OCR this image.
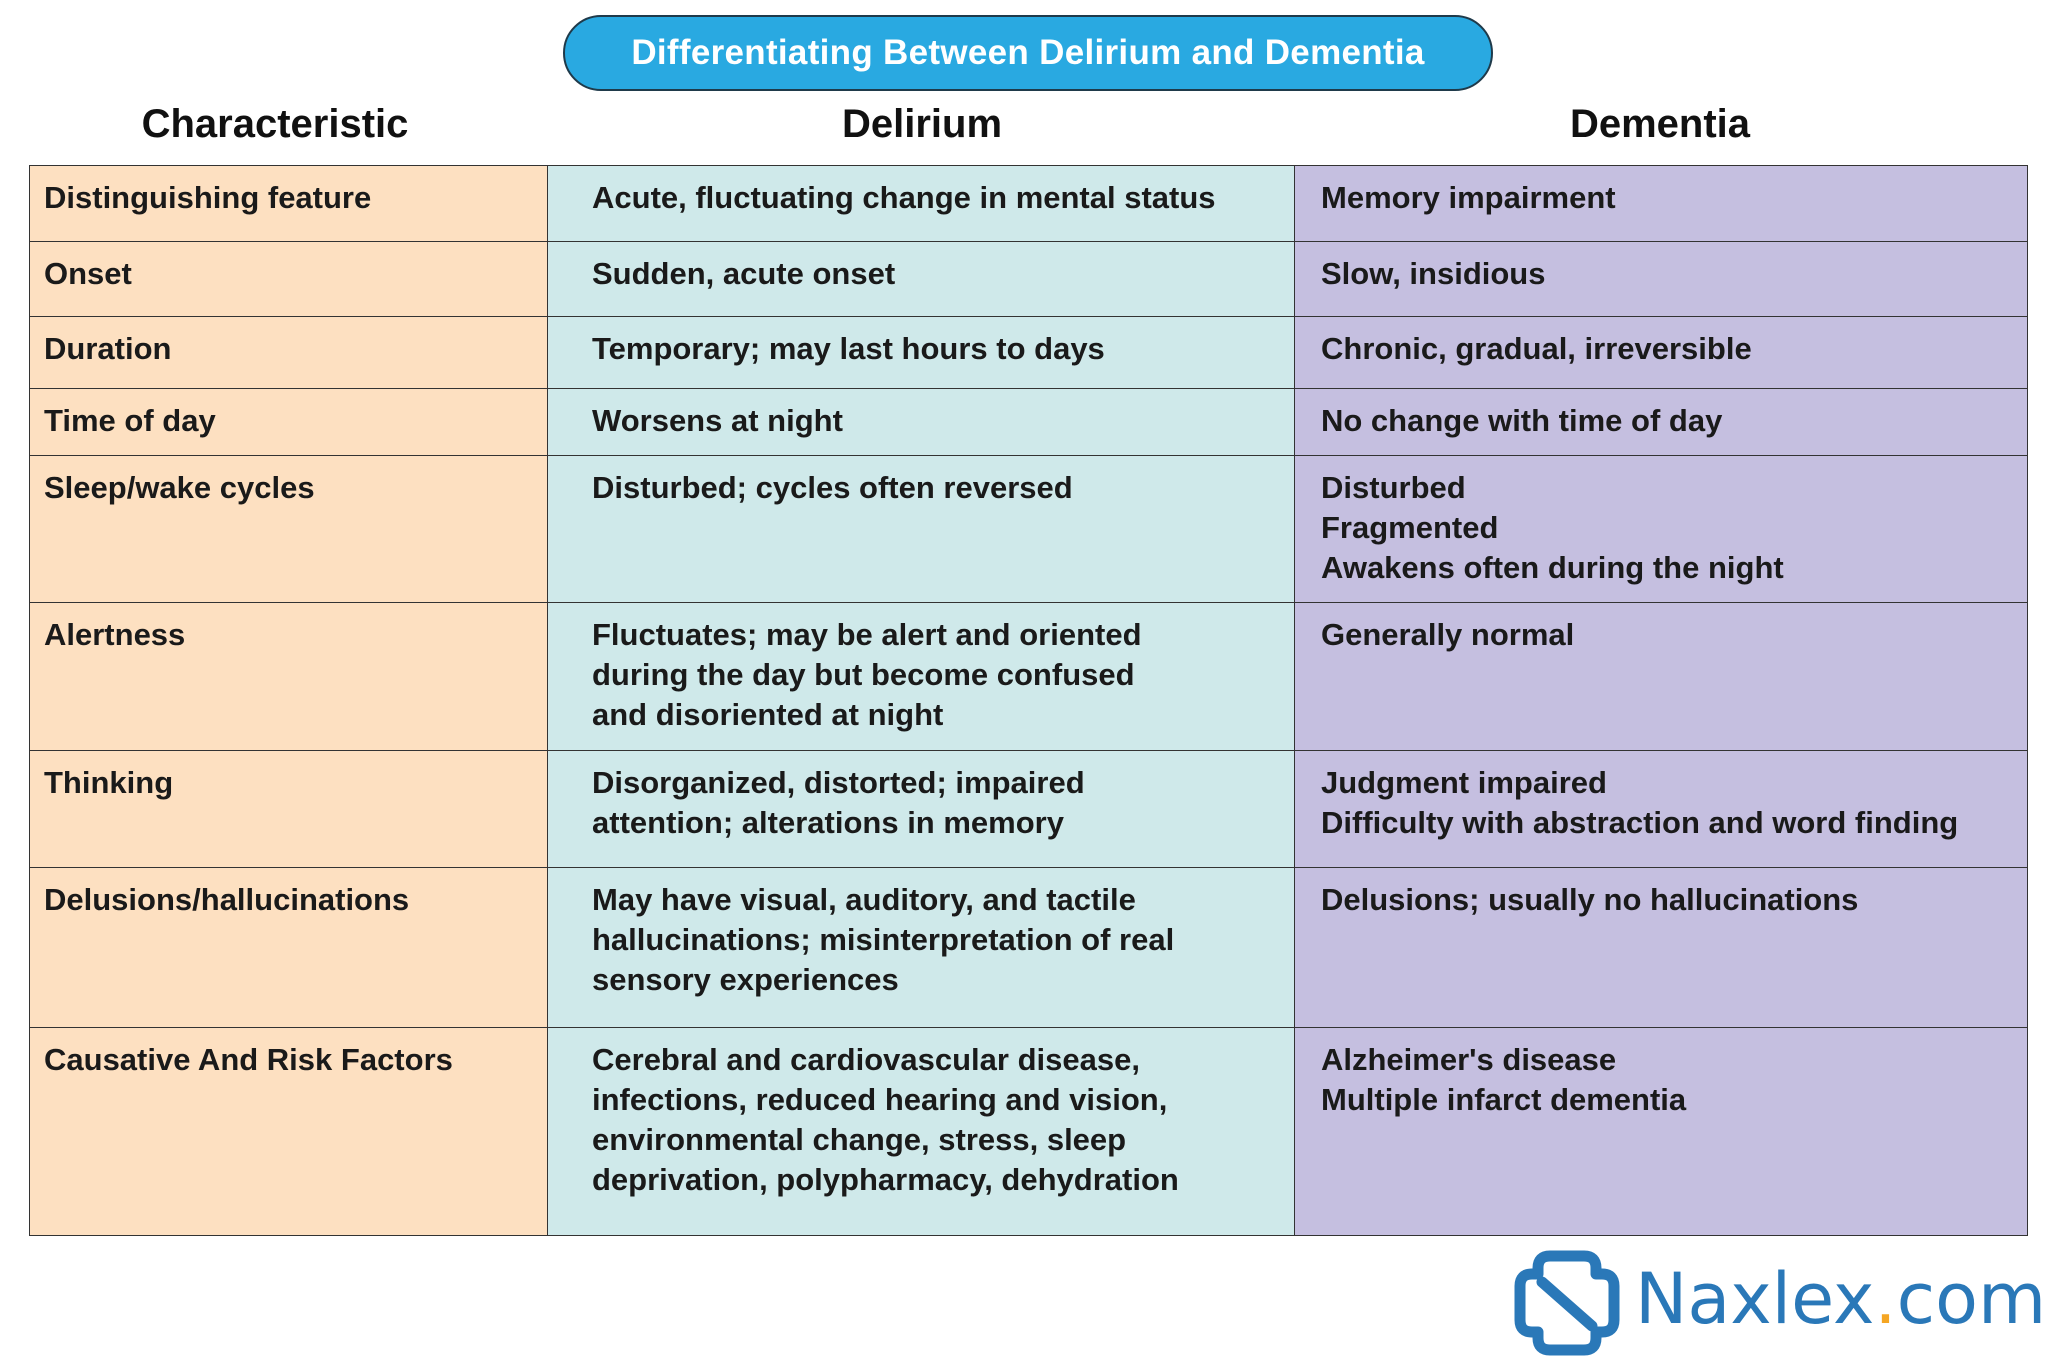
Differentiating Between Delirium and Dementia
Characteristic	Delirium	Dementia
Distinguishing feature	Acute, fluctuating change in mental status	Memory impairment

Onset	Sudden, acute onset	Slow, insidious

Duration	Temporary; may last hours to days	Chronic, gradual, irreversible

Time of day	Worsens at night	No change with time of day

Sleep/wake cycles	Disturbed; cycles often reversed	Disturbed
Fragmented
Awakens often during the night

Alertness	Fluctuates; may be alert and oriented
during the day but become confused
and disoriented at night	Generally normal

Thinking	Disorganized, distorted; impaired
attention; alterations in memory	Judgment impaired
Difficulty with abstraction and word finding

Delusions/hallucinations	May have visual, auditory, and tactile
hallucinations; misinterpretation of real
sensory experiences	Delusions; usually no hallucinations

Causative And Risk Factors	Cerebral and cardiovascular disease,
infections, reduced hearing and vision,
environmental change, stress, sleep
deprivation, polypharmacy, dehydration	Alzheimer's disease
Multiple infarct dementia
Naxlex.com
